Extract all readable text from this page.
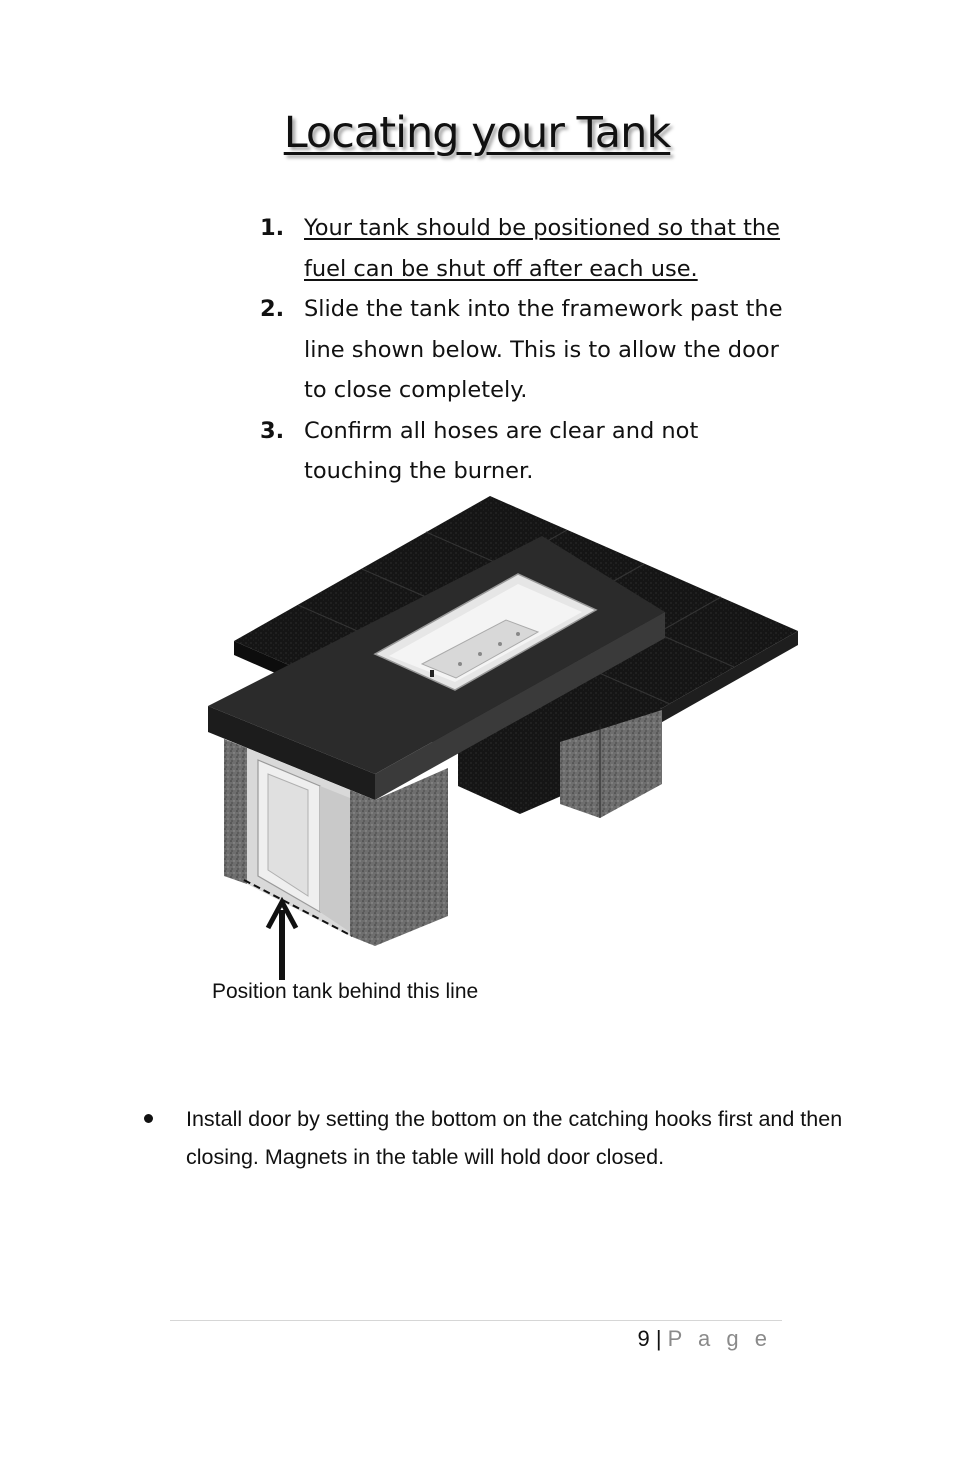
Locating your Tank
1. Your tank should be positioned so that the fuel can be shut off after each use.
2. Slide the tank into the framework past the line shown below. This is to allow the door to close completely.
3. Confirm all hoses are clear and not touching the burner.
Position tank behind this line
Install door by setting the bottom on the catching hooks first and then closing. Magnets in the table will hold door closed.
9 | P a g e
